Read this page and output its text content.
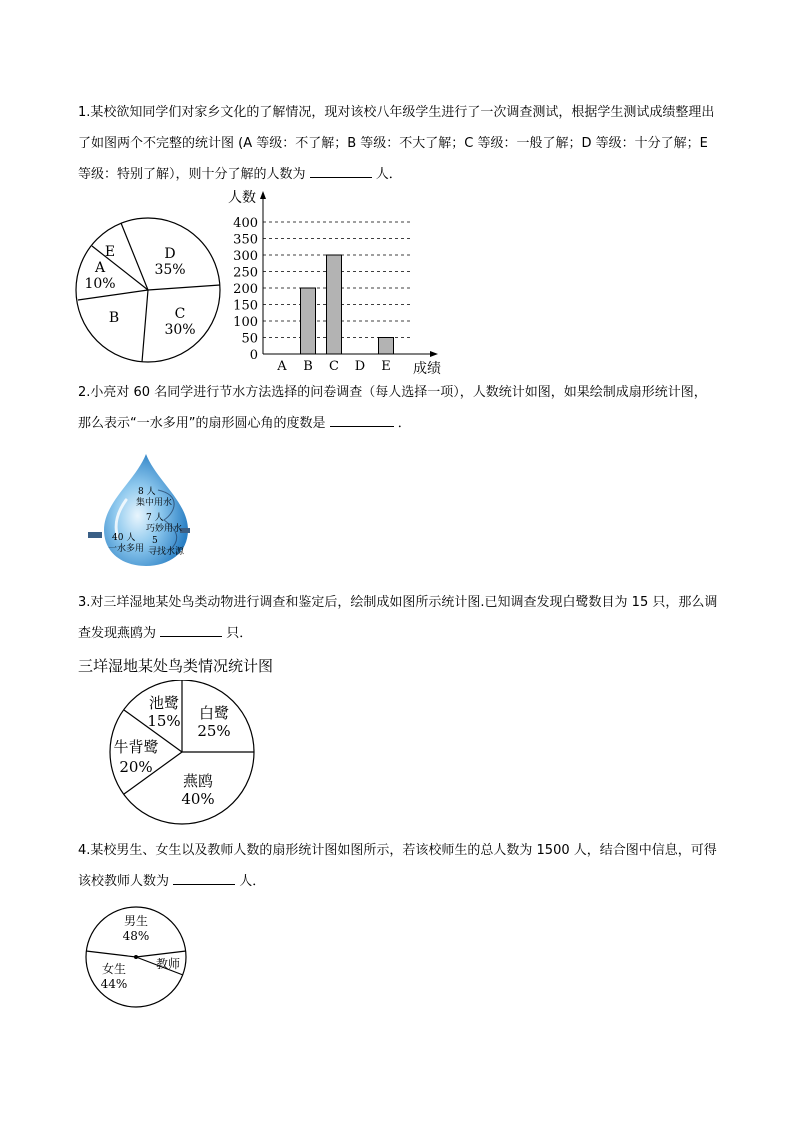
1.某校欲知同学们对家乡文化的了解情况，现对该校八年级学生进行了一次调查测试，根据学生测试成绩整理出了如图两个不完整的统计图 (A 等级：不了解；B 等级：不大了解；C 等级：一般了解；D 等级：十分了解；E 等级：特别了解），则十分了解的人数为	人．

D
35%
E
A
10%
B	C
30%
人数
成绩
0
50
100
150
200
250
300
350
400
A B C D E

2.小亮对 60 名同学进行节水方法选择的问卷调查（每人选择一项），人数统计如图，如果绘制成扇形统计图，那么表示“一水多用”的扇形圆心角的度数是	．

8 人
集中用水
7 人
巧妙用水
40 人
一水多用
5
寻找水源

3.对三垟湿地某处鸟类动物进行调查和鉴定后，绘制成如图所示统计图.已知调查发现白鹭数目为 15 只，那么调查发现燕鸥为	只．

三垟湿地某处鸟类情况统计图

白鹭
25%
燕鸥
40%
牛背鹭
20%
池鹭
15%

4.某校男生、女生以及教师人数的扇形统计图如图所示，若该校师生的总人数为 1500 人，结合图中信息，可得该校教师人数为	人．

男生
48%
女生
44%
教师
